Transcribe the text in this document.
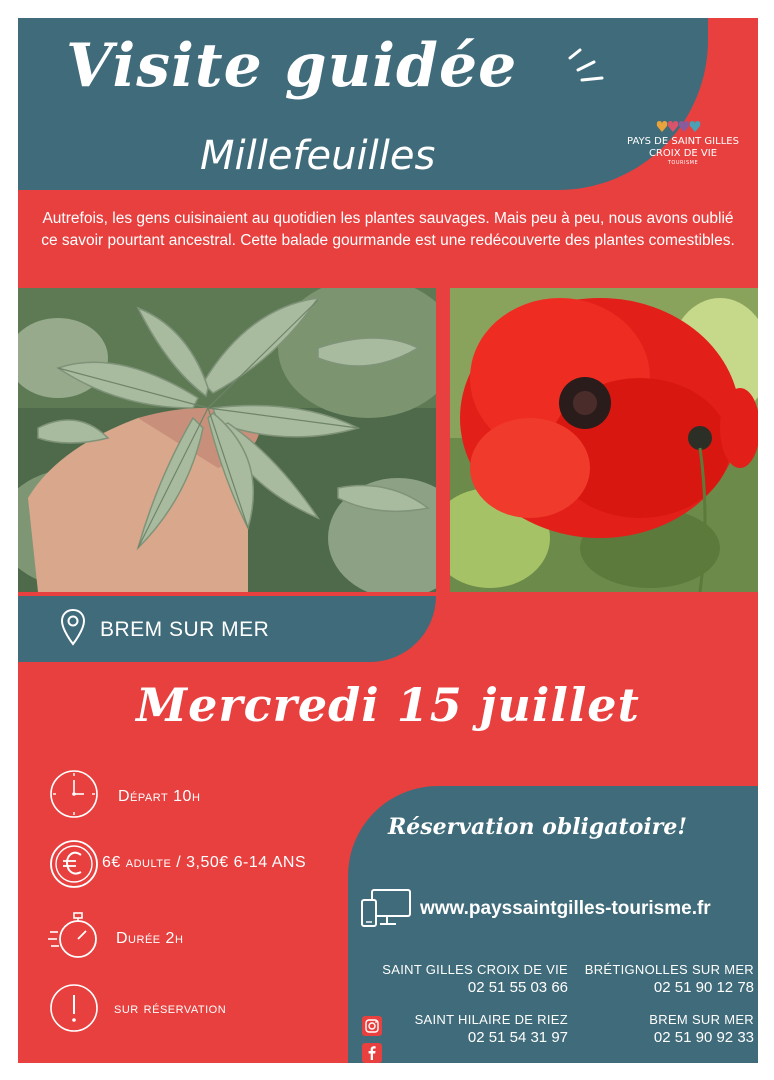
Visite guidée
Millefeuilles	PAYS DE SAINT GILLES
CROIX DE VIE
TOURISME

Autrefois, les gens cuisinaient au quotidien les plantes sauvages. Mais peu à peu, nous avons oublié ce savoir pourtant ancestral. Cette balade gourmande est une redécouverte des plantes comestibles.

BREM SUR MER
Mercredi 15 juillet
Départ 10h
6€ adulte / 3,50€ 6-14 ANS
Durée 2h
sur réservation
Réservation obligatoire!
www.payssaintgilles-tourisme.fr
SAINT GILLES CROIX DE VIE
02 51 55 03 66
BRÉTIGNOLLES SUR MER
02 51 90 12 78
SAINT HILAIRE DE RIEZ
02 51 54 31 97
BREM SUR MER
02 51 90 92 33
